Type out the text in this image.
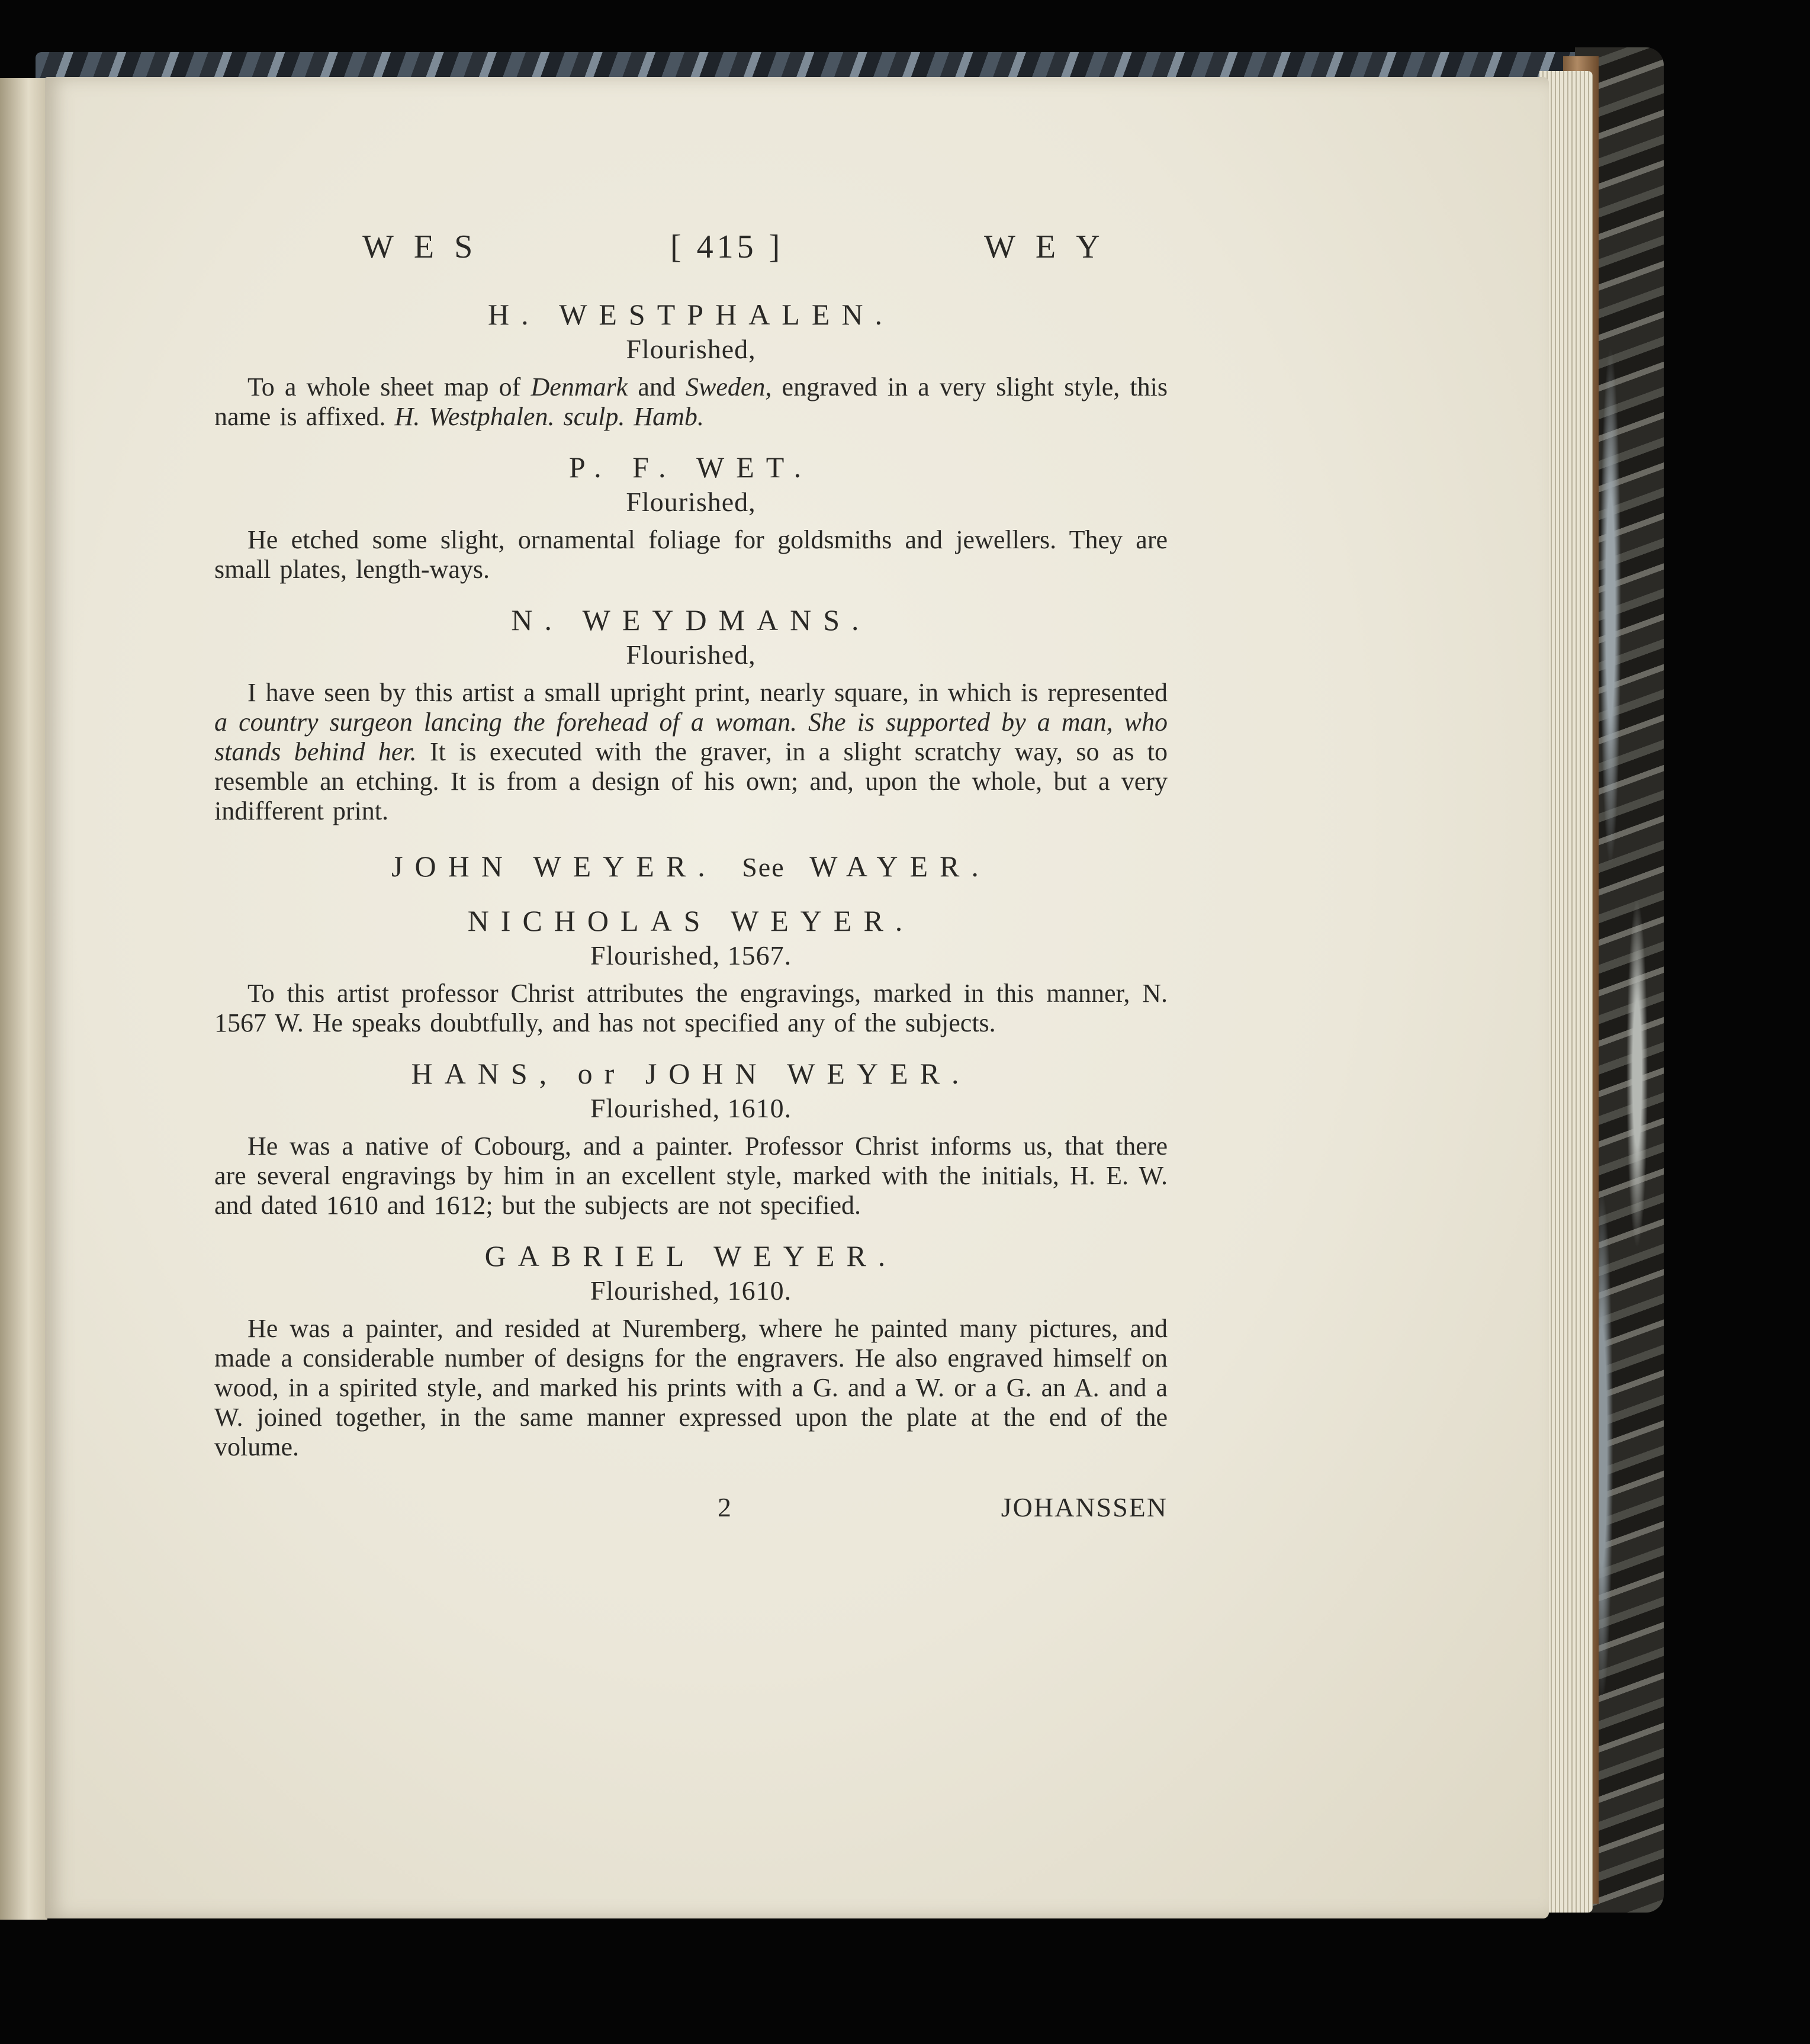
WES	[ 415 ]	WEY
H. WESTPHALEN.
Flourished,
To a whole sheet map of Denmark and Sweden, engraved in a very slight style, this name is affixed. H. Westphalen. sculp. Hamb.
P. F. WET.
Flourished,
He etched some slight, ornamental foliage for goldsmiths and jewellers. They are small plates, length-ways.
N. WEYDMANS.
Flourished,
I have seen by this artist a small upright print, nearly square, in which is represented a country surgeon lancing the forehead of a woman. She is supported by a man, who stands behind her. It is executed with the graver, in a slight scratchy way, so as to resemble an etching. It is from a design of his own; and, upon the whole, but a very indifferent print.
JOHN WEYER. See WAYER.
NICHOLAS WEYER.
Flourished, 1567.
To this artist professor Christ attributes the engravings, marked in this manner, N. 1567 W. He speaks doubtfully, and has not specified any of the subjects.
HANS, or JOHN WEYER.
Flourished, 1610.
He was a native of Cobourg, and a painter. Professor Christ informs us, that there are several engravings by him in an excellent style, marked with the initials, H. E. W. and dated 1610 and 1612; but the subjects are not specified.
GABRIEL WEYER.
Flourished, 1610.
He was a painter, and resided at Nuremberg, where he painted many pictures, and made a considerable number of designs for the engravers. He also engraved himself on wood, in a spirited style, and marked his prints with a G. and a W. or a G. an A. and a W. joined together, in the same manner expressed upon the plate at the end of the volume.
2	JOHANSSEN
